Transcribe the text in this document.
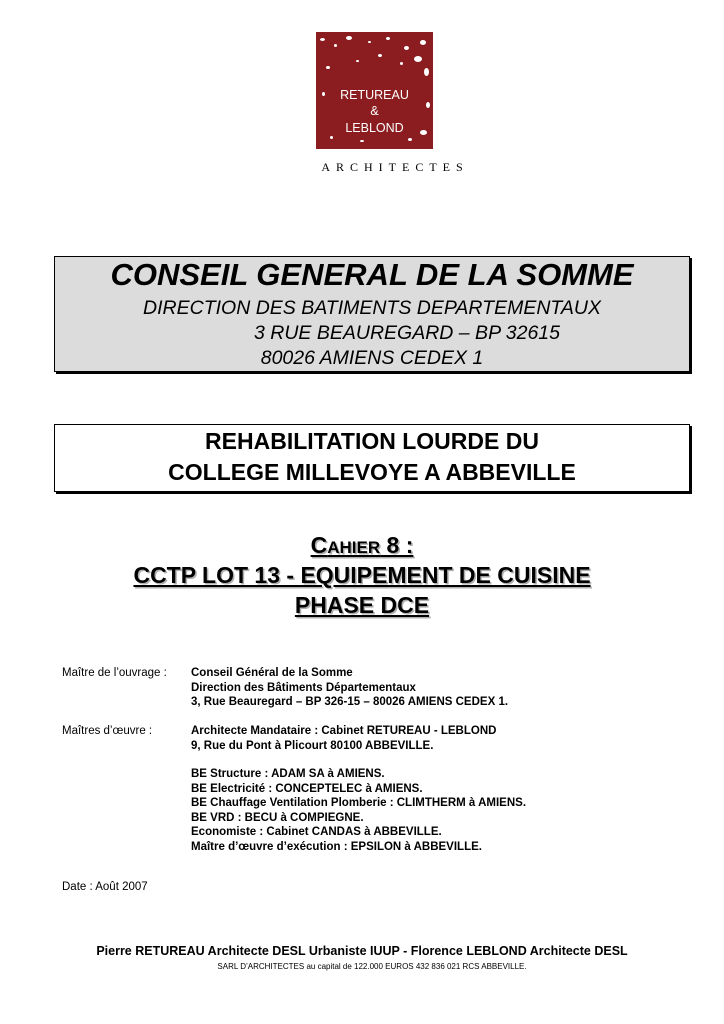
RETUREAU
&
LEBLOND
ARCHITECTES
CONSEIL GENERAL DE LA SOMME
DIRECTION DES BATIMENTS DEPARTEMENTAUX
3 RUE BEAUREGARD – BP 32615
80026 AMIENS CEDEX 1
REHABILITATION LOURDE DU
COLLEGE MILLEVOYE A ABBEVILLE
CAHIER 8 :
CCTP LOT 13 - EQUIPEMENT DE CUISINE
PHASE DCE
Maître de l’ouvrage : Conseil Général de la Somme
Direction des Bâtiments Départementaux
3, Rue Beauregard – BP 326-15 – 80026 AMIENS CEDEX 1.
Maîtres d’œuvre :	Architecte Mandataire : Cabinet RETUREAU - LEBLOND
9, Rue du Pont à Plicourt 80100 ABBEVILLE.
BE Structure : ADAM SA à AMIENS.
BE Electricité : CONCEPTELEC à AMIENS.
BE Chauffage Ventilation Plomberie : CLIMTHERM à AMIENS.
BE VRD : BECU à COMPIEGNE.
Economiste : Cabinet CANDAS à ABBEVILLE.
Maître d’œuvre d’exécution : EPSILON à ABBEVILLE.
Date : Août 2007
Pierre RETUREAU Architecte DESL Urbaniste IUUP - Florence LEBLOND Architecte DESL
SARL D’ARCHITECTES au capital de 122.000 EUROS 432 836 021 RCS ABBEVILLE.
